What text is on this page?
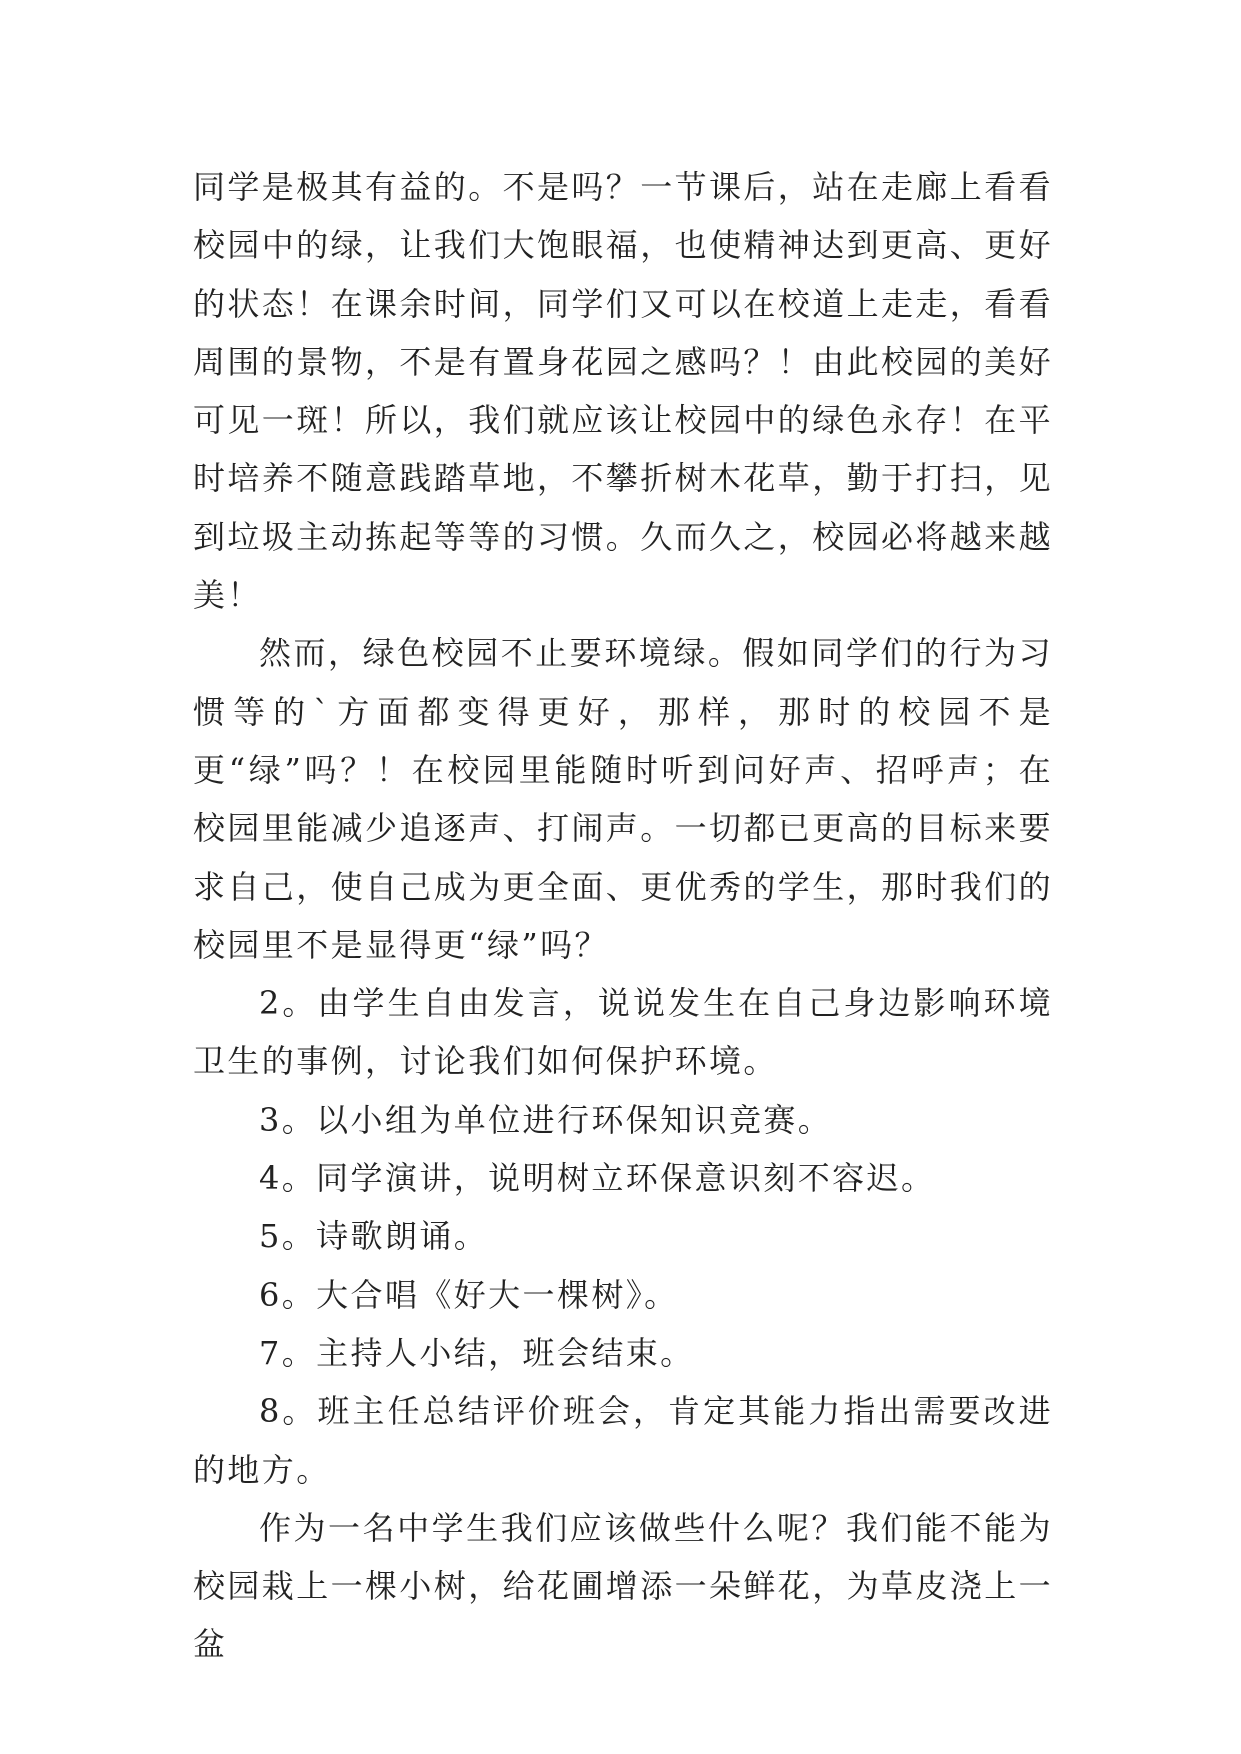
同学是极其有益的。不是吗？一节课后，站在走廊上看看校园中的绿，让我们大饱眼福，也使精神达到更高、更好的状态！在课余时间，同学们又可以在校道上走走，看看周围的景物，不是有置身花园之感吗？！由此校园的美好可见一斑！所以，我们就应该让校园中的绿色永存！在平时培养不随意践踏草地，不攀折树木花草，勤于打扫，见到垃圾主动拣起等等的习惯。久而久之，校园必将越来越美！

然而，绿色校园不止要环境绿。假如同学们的行为习惯等的`方面都变得更好，那样，那时的校园不是更“绿”吗？！在校园里能随时听到问好声、招呼声；在校园里能减少追逐声、打闹声。一切都已更高的目标来要求自己，使自己成为更全面、更优秀的学生，那时我们的校园里不是显得更“绿”吗？

2。由学生自由发言，说说发生在自己身边影响环境卫生的事例，讨论我们如何保护环境。

3。以小组为单位进行环保知识竞赛。

4。同学演讲，说明树立环保意识刻不容迟。

5。诗歌朗诵。

6。大合唱《好大一棵树》。

7。主持人小结，班会结束。

8。班主任总结评价班会，肯定其能力指出需要改进的地方。

作为一名中学生我们应该做些什么呢？我们能不能为校园栽上一棵小树，给花圃增添一朵鲜花，为草皮浇上一盆
